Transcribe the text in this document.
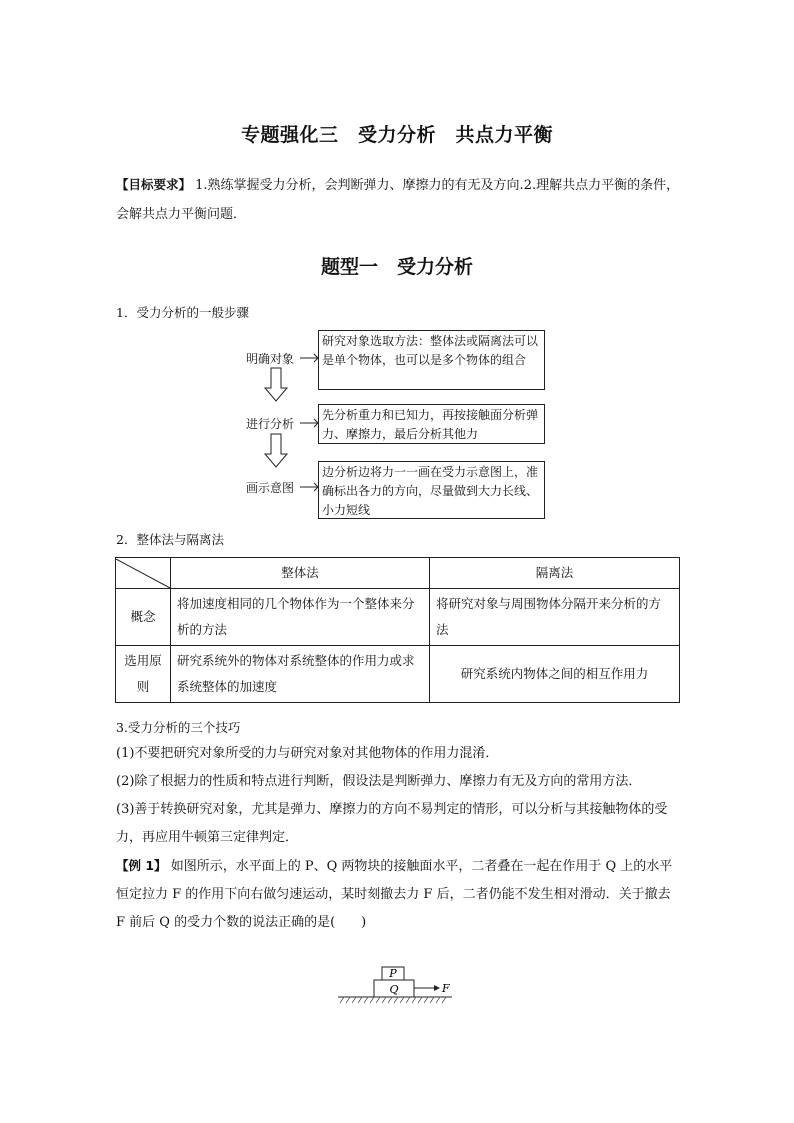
专题强化三　受力分析　共点力平衡
【目标要求】 1.熟练掌握受力分析，会判断弹力、摩擦力的有无及方向.2.理解共点力平衡的条件，会解共点力平衡问题．
题型一　受力分析
1．受力分析的一般步骤
明确对象
研究对象选取方法：整体法或隔离法可以是单个物体，也可以是多个物体的组合
进行分析
先分析重力和已知力，再按接触面分析弹力、摩擦力，最后分析其他力
画示意图
边分析边将力一一画在受力示意图上，准确标出各力的方向，尽量做到大力长线、小力短线
2．整体法与隔离法
	整体法	隔离法
概念	将加速度相同的几个物体作为一个整体来分析的方法	将研究对象与周围物体分隔开来分析的方法
选用原则	研究系统外的物体对系统整体的作用力或求系统整体的加速度	研究系统内物体之间的相互作用力
3.受力分析的三个技巧
(1)不要把研究对象所受的力与研究对象对其他物体的作用力混淆．
(2)除了根据力的性质和特点进行判断，假设法是判断弹力、摩擦力有无及方向的常用方法．
(3)善于转换研究对象，尤其是弹力、摩擦力的方向不易判定的情形，可以分析与其接触物体的受力，再应用牛顿第三定律判定．
【例 1】 如图所示，水平面上的 P、Q 两物块的接触面水平，二者叠在一起在作用于 Q 上的水平恒定拉力 F 的作用下向右做匀速运动，某时刻撤去力 F 后，二者仍能不发生相对滑动．关于撤去 F 前后 Q 的受力个数的说法正确的是(　　)
P
Q	F
